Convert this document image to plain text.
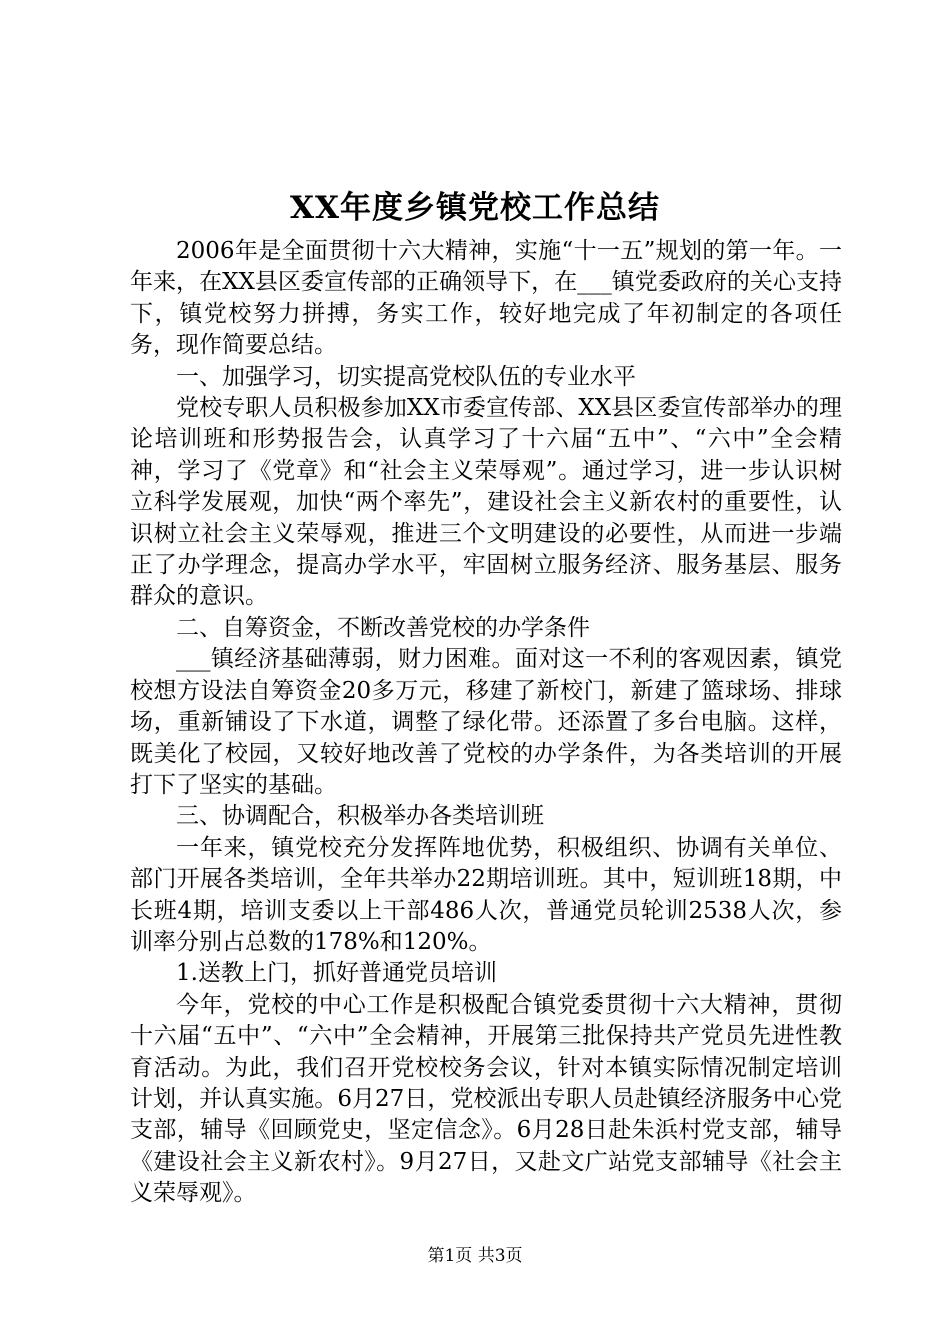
XX年度乡镇党校工作总结

2006年是全面贯彻十六大精神，实施“十一五”规划的第一年。一年来，在XX县区委宣传部的正确领导下，在___镇党委政府的关心支持下，镇党校努力拼搏，务实工作，较好地完成了年初制定的各项任务，现作简要总结。

一、加强学习，切实提高党校队伍的专业水平

党校专职人员积极参加XX市委宣传部、XX县区委宣传部举办的理论培训班和形势报告会，认真学习了十六届“五中”、“六中”全会精神，学习了《党章》和“社会主义荣辱观”。通过学习，进一步认识树立科学发展观，加快“两个率先”，建设社会主义新农村的重要性，认识树立社会主义荣辱观，推进三个文明建设的必要性，从而进一步端正了办学理念，提高办学水平，牢固树立服务经济、服务基层、服务群众的意识。

二、自筹资金，不断改善党校的办学条件

___镇经济基础薄弱，财力困难。面对这一不利的客观因素，镇党校想方设法自筹资金20多万元，移建了新校门，新建了篮球场、排球场，重新铺设了下水道，调整了绿化带。还添置了多台电脑。这样，既美化了校园，又较好地改善了党校的办学条件，为各类培训的开展打下了坚实的基础。

三、协调配合，积极举办各类培训班

一年来，镇党校充分发挥阵地优势，积极组织、协调有关单位、部门开展各类培训，全年共举办22期培训班。其中，短训班18期，中长班4期，培训支委以上干部486人次，普通党员轮训2538人次，参训率分别占总数的178%和120%。

1.送教上门，抓好普通党员培训

今年，党校的中心工作是积极配合镇党委贯彻十六大精神，贯彻十六届“五中”、“六中”全会精神，开展第三批保持共产党员先进性教育活动。为此，我们召开党校校务会议，针对本镇实际情况制定培训计划，并认真实施。6月27日，党校派出专职人员赴镇经济服务中心党支部，辅导《回顾党史，坚定信念》。6月28日赴朱浜村党支部，辅导《建设社会主义新农村》。9月27日，又赴文广站党支部辅导《社会主义荣辱观》。

第1页 共3页
